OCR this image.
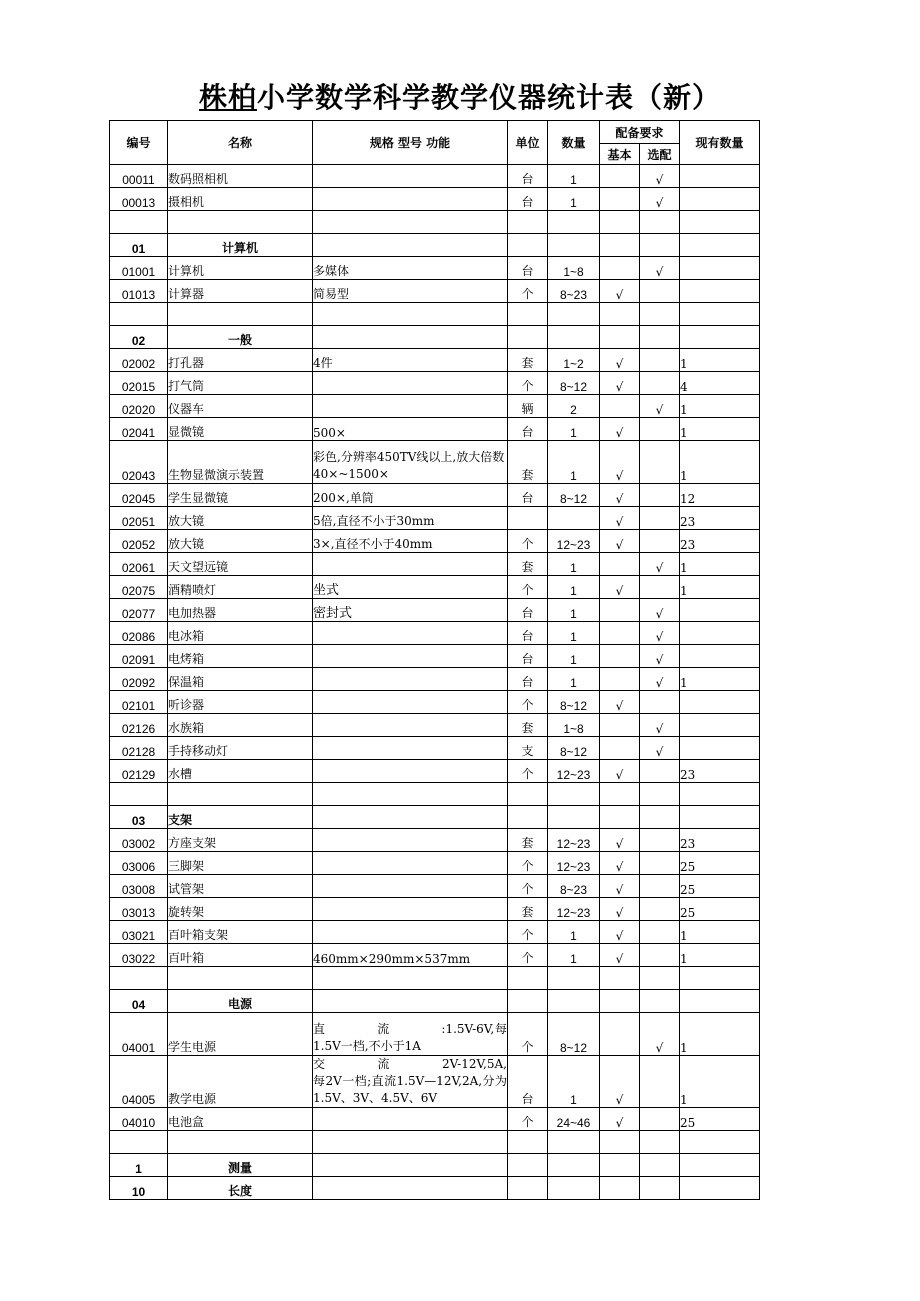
株柏小学数学科学教学仪器统计表（新）
编号	名称	规格 型号 功能	单位	数量	配备要求		现有数量
					基本	选配	
00011	数码照相机		台	1		√	
00013	摄相机		台	1		√	

01	计算机						
01001	计算机	多媒体	台	1~8		√	
01013	计算器	简易型	个	8~23	√		

02	一般						
02002	打孔器	4件	套	1~2	√		1
02015	打气筒		个	8~12	√		4
02020	仪器车		辆	2		√	1
02041	显微镜	500×	台	1	√		1
02043	生物显微演示装置	彩色,分辨率450TV线以上,放大倍数40×~1500×	套	1	√		1
02045	学生显微镜	200×,单筒	台	8~12	√		12
02051	放大镜	5倍,直径不小于30mm			√		23
02052	放大镜	3×,直径不小于40mm	个	12~23	√		23
02061	天文望远镜		套	1		√	1
02075	酒精喷灯	坐式	个	1	√		1
02077	电加热器	密封式	台	1		√	
02086	电冰箱		台	1		√	
02091	电烤箱		台	1		√	
02092	保温箱		台	1		√	1
02101	听诊器		个	8~12	√		
02126	水族箱		套	1~8		√	
02128	手持移动灯		支	8~12		√	
02129	水槽		个	12~23	√		23

03	支架						
03002	方座支架		套	12~23	√		23
03006	三脚架		个	12~23	√		25
03008	试管架		个	8~23	√		25
03013	旋转架		套	12~23	√		25
03021	百叶箱支架		个	1	√		1
03022	百叶箱	460mm×290mm×537mm	个	1	√		1

04	电源						
04001	学生电源	直　　　　流　　　　:1.5V-6V,每1.5V一档,不小于1A	个	8~12		√	1
04005	教学电源	交　　　　流　　　　2V-12V,5A,每2V一档;直流1.5V—12V,2A,分为1.5V、3V、4.5V、6V	台	1	√		1
04010	电池盒		个	24~46	√		25

1	测量						
10	长度						
